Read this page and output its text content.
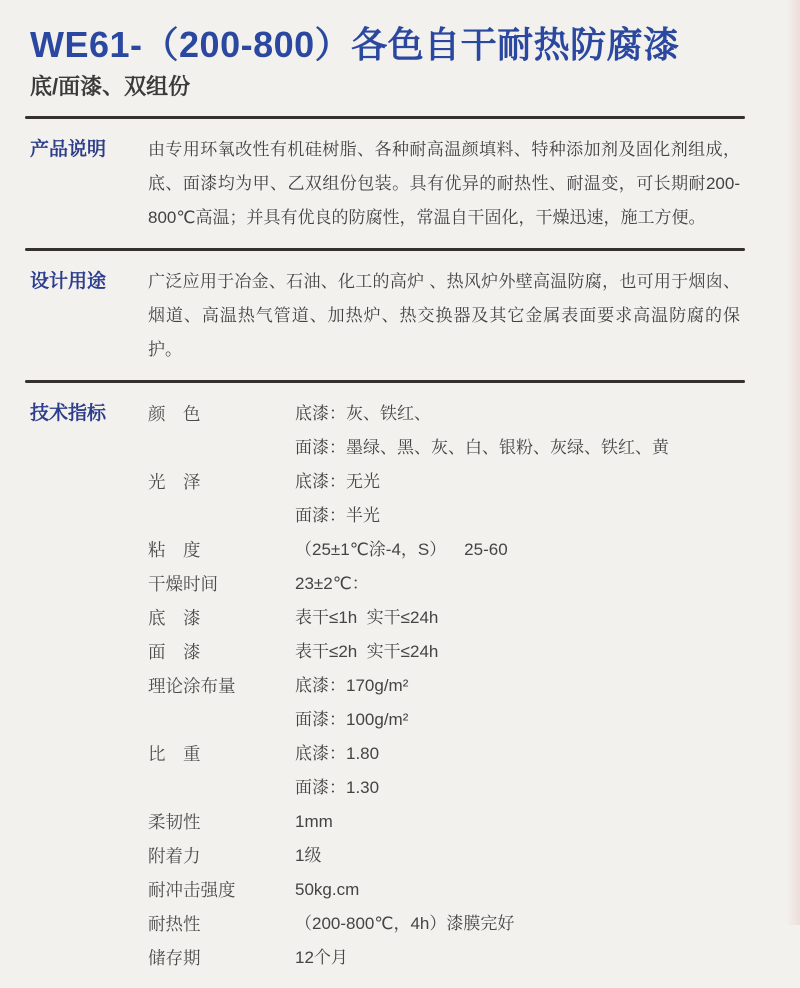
WE61-（200-800）各色自干耐热防腐漆
底/面漆、双组份
产品说明	由专用环氧改性有机硅树脂、各种耐高温颜填料、特种添加剂及固化剂组成，底、面漆均为甲、乙双组份包装。具有优异的耐热性、耐温变，可长期耐200-800℃高温；并具有优良的防腐性，常温自干固化，干燥迅速，施工方便。
设计用途	广泛应用于冶金、石油、化工的高炉 、热风炉外壁高温防腐，也可用于烟囱、烟道、高温热气管道、加热炉、热交换器及其它金属表面要求高温防腐的保护。
技术指标	颜　色	底漆：灰、铁红、
面漆：墨绿、黑、灰、白、银粉、灰绿、铁红、黄
光　泽	底漆：无光
面漆：半光
粘　度	（25±1℃涂-4，S）　  25-60
干燥时间	23±2℃：
底　漆	表干≤1h  实干≤24h
面　漆	表干≤2h  实干≤24h
理论涂布量	底漆：170g/m²
面漆：100g/m²
比　重	底漆：1.80
面漆：1.30
柔韧性	1mm
附着力	1级
耐冲击强度	50kg.cm
耐热性	（200-800℃，4h）漆膜完好
储存期	12个月
